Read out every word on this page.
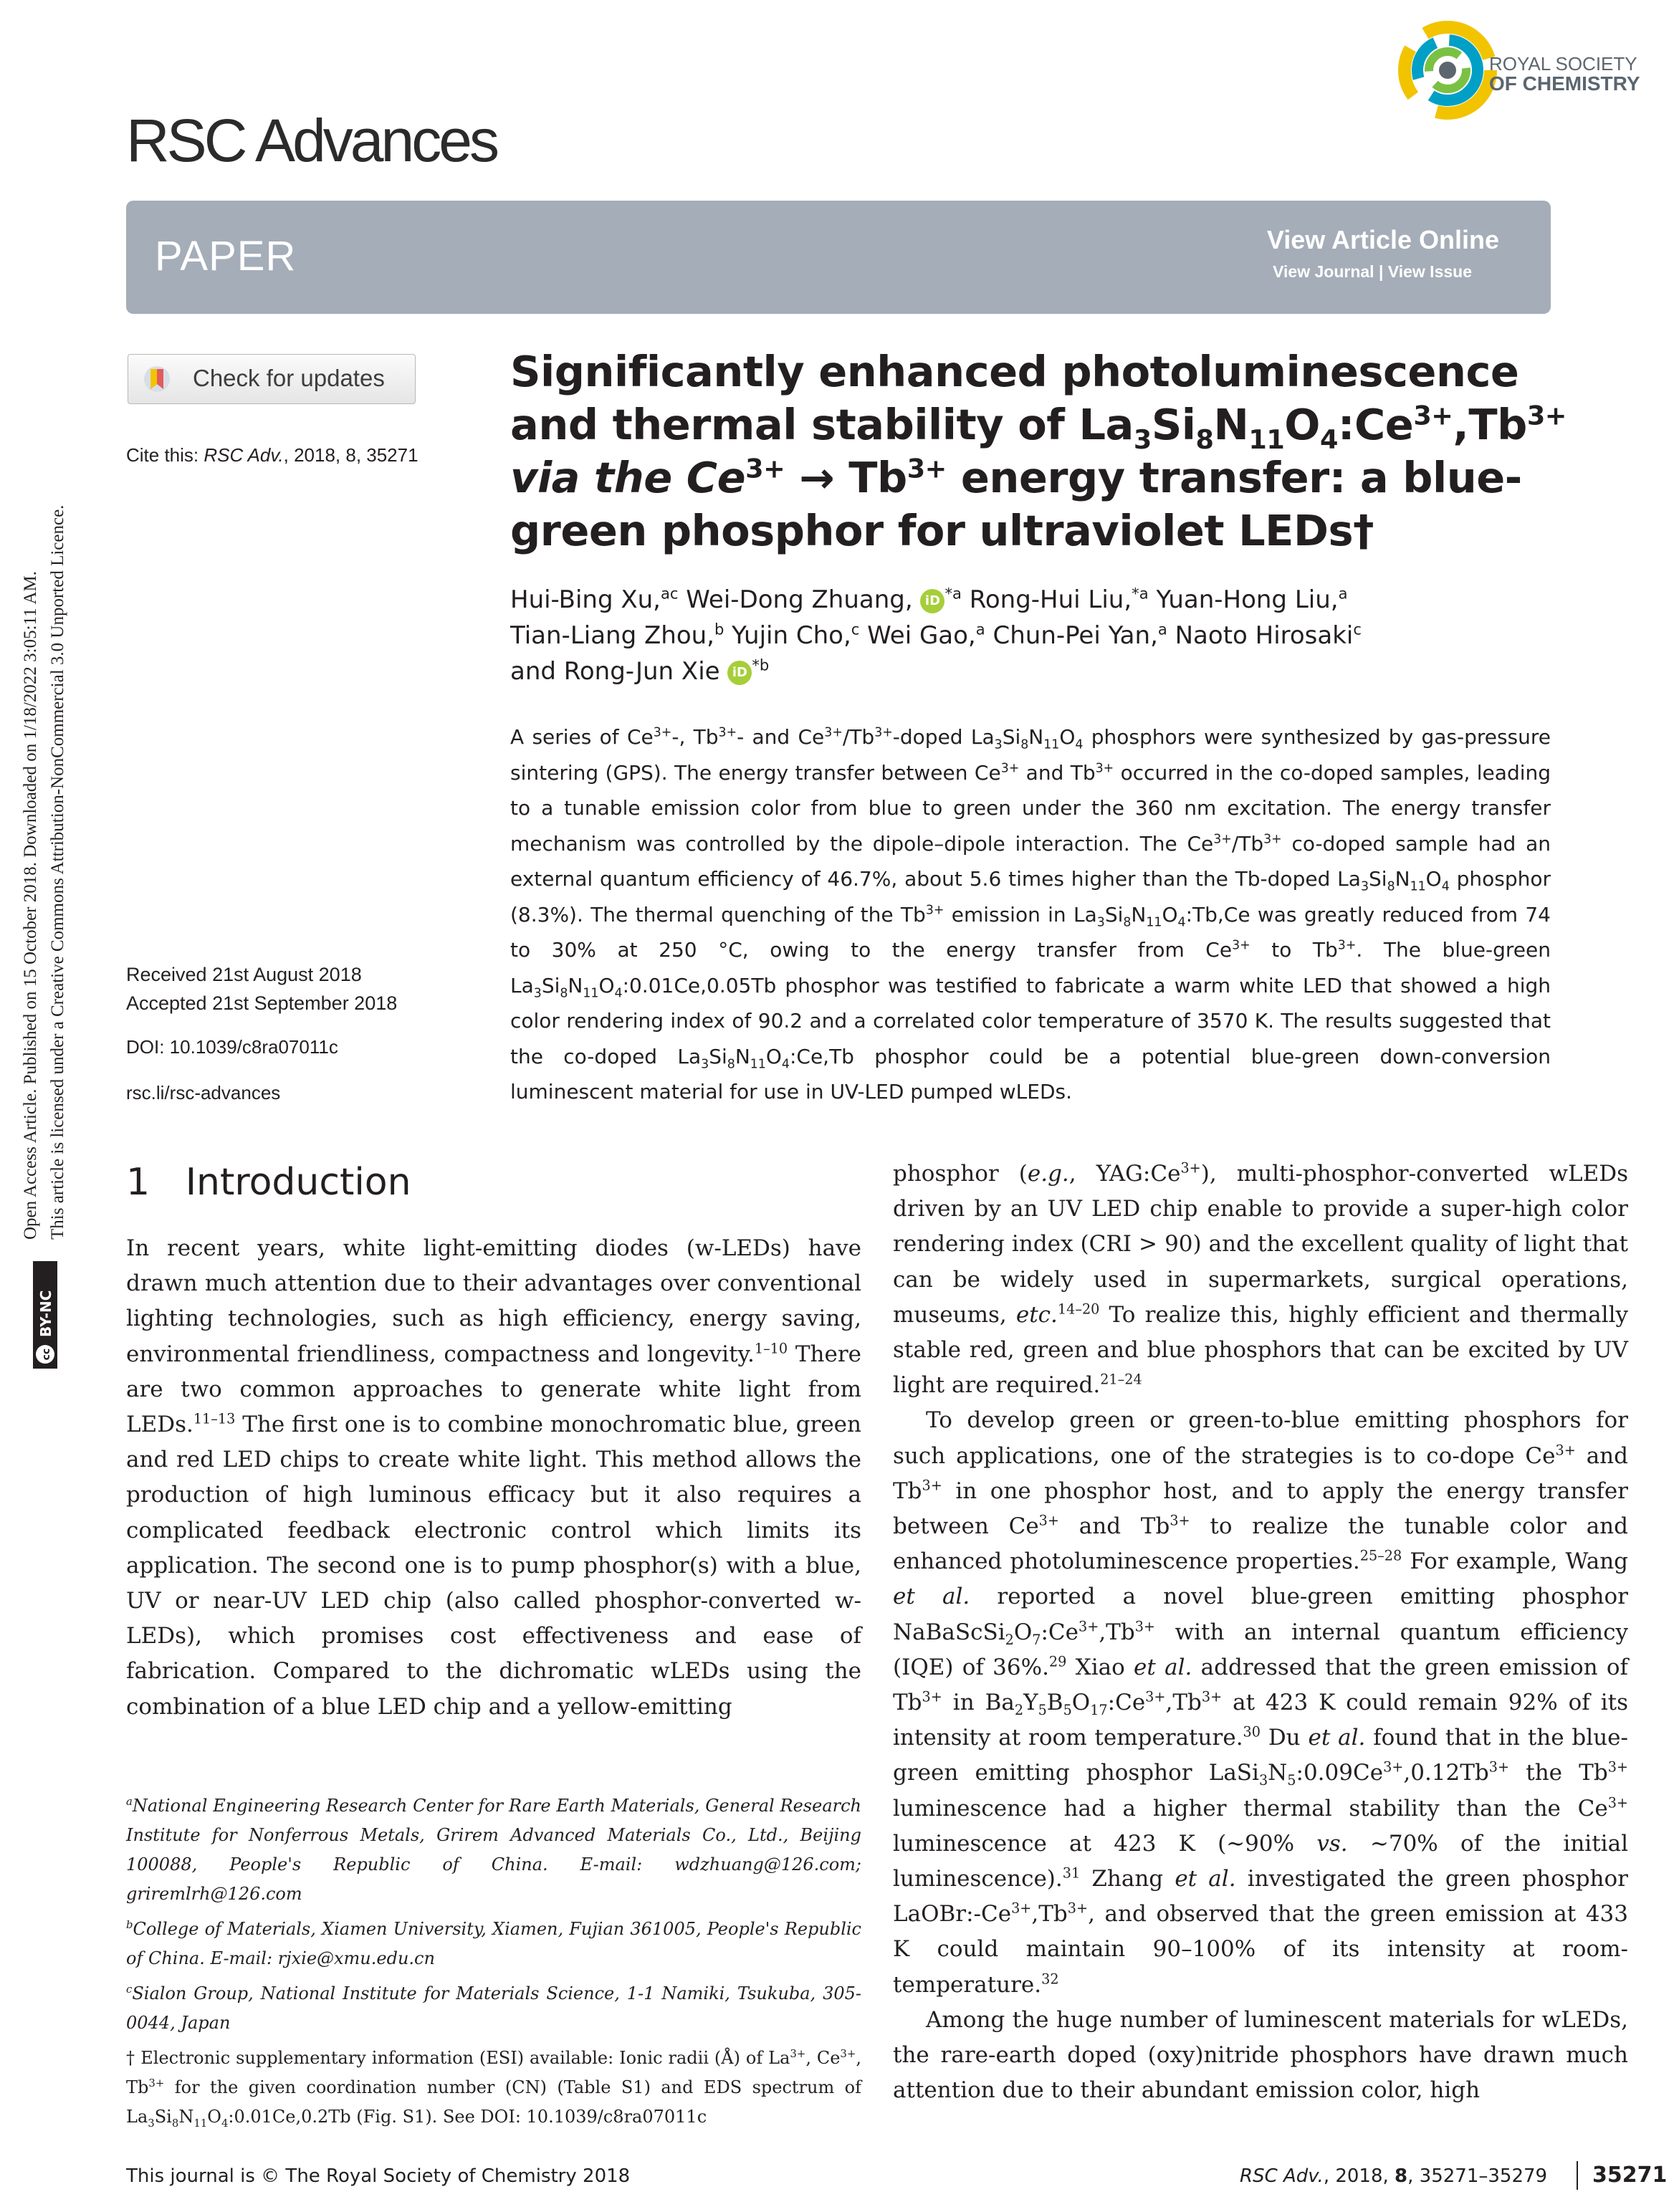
RSC Advances
ROYAL SOCIETY
OF CHEMISTRY
Open Access Article. Published on 15 October 2018. Downloaded on 1/18/2022 3:05:11 AM. This article is licensed under a Creative Commons Attribution-NonCommercial 3.0 Unported Licence.
cc
BY-NC
PAPER	View Article Online
View Journal | View Issue
Check for updates
Cite this: RSC Adv., 2018, 8, 35271
Received 21st August 2018
Accepted 21st September 2018
DOI: 10.1039/c8ra07011c
rsc.li/rsc-advances
Significantly enhanced photoluminescence and thermal stability of $La_3Si_8N_{11}O_4:Ce^{3+},Tb^{3+}$ via the $Ce^{3+} \to Tb^{3+}$ energy transfer: a blue-green phosphor for ultraviolet LEDs†
Hui-Bing Xu,$^{ac}$ Wei-Dong Zhuang, iD $^{*a}$ Rong-Hui Liu,$^{*a}$ Yuan-Hong Liu,$^a$
Tian-Liang Zhou,$^b$ Yujin Cho,$^c$ Wei Gao,$^a$ Chun-Pei Yan,$^a$ Naoto Hirosaki$^c$
and Rong-Jun Xie iD $^{*b}$
A series of $Ce^{3+}-$, $Tb^{3+}-$ and $Ce^{3+}/Tb^{3+}$-doped $La_3Si_8N_{11}O_4$ phosphors were synthesized by gas-pressure sintering (GPS). The energy transfer between $Ce^{3+}$ and $Tb^{3+}$ occurred in the co-doped samples, leading to a tunable emission color from blue to green under the 360 nm excitation. The energy transfer mechanism was controlled by the dipole–dipole interaction. The $Ce^{3+}/Tb^{3+}$ co-doped sample had an external quantum efficiency of 46.7%, about 5.6 times higher than the Tb-doped $La_3Si_8N_{11}O_4$ phosphor (8.3%). The thermal quenching of the $Tb^{3+}$ emission in $La_3Si_8N_{11}O_4:Tb,Ce$ was greatly reduced from 74 to 30% at 250 °C, owing to the energy transfer from $Ce^{3+}$ to $Tb^{3+}$. The blue-green $La_3Si_8N_{11}O_4:0.01Ce,0.05Tb$ phosphor was testified to fabricate a warm white LED that showed a high color rendering index of 90.2 and a correlated color temperature of 3570 K. The results suggested that the co-doped $La_3Si_8N_{11}O_4:Ce,Tb$ phosphor could be a potential blue-green down-conversion luminescent material for use in UV-LED pumped wLEDs.
1 Introduction

In recent years, white light-emitting diodes (w-LEDs) have drawn much attention due to their advantages over conventional lighting technologies, such as high efficiency, energy saving, environmental friendliness, compactness and longevity.$^{1-10}$ There are two common approaches to generate white light from LEDs.$^{11-13}$ The first one is to combine monochromatic blue, green and red LED chips to create white light. This method allows the production of high luminous efficacy but it also requires a complicated feedback electronic control which limits its application. The second one is to pump phosphor(s) with a blue, UV or near-UV LED chip (also called phosphor-converted w-LEDs), which promises cost effectiveness and ease of fabrication. Compared to the dichromatic wLEDs using the combination of a blue LED chip and a yellow-emitting

$^a$National Engineering Research Center for Rare Earth Materials, General Research Institute for Nonferrous Metals, Grirem Advanced Materials Co., Ltd., Beijing 100088, People's Republic of China. E-mail: wdzhuang@126.com; griremlrh@126.com

$^b$College of Materials, Xiamen University, Xiamen, Fujian 361005, People's Republic of China. E-mail: rjxie@xmu.edu.cn

$^c$Sialon Group, National Institute for Materials Science, 1-1 Namiki, Tsukuba, 305-0044, Japan

† Electronic supplementary information (ESI) available: Ionic radii (Å) of $La^{3+}$, $Ce^{3+}$, $Tb^{3+}$ for the given coordination number (CN) (Table S1) and EDS spectrum of $La_3Si_8N_{11}O_4:0.01Ce,0.2Tb$ (Fig. S1). See DOI: 10.1039/c8ra07011c

phosphor (e.g., $YAG:Ce^{3+}$), multi-phosphor-converted wLEDs driven by an UV LED chip enable to provide a super-high color rendering index (CRI > 90) and the excellent quality of light that can be widely used in supermarkets, surgical operations, museums, etc.$^{14-20}$ To realize this, highly efficient and thermally stable red, green and blue phosphors that can be excited by UV light are required.$^{21-24}$

To develop green or green-to-blue emitting phosphors for such applications, one of the strategies is to co-dope $Ce^{3+}$ and $Tb^{3+}$ in one phosphor host, and to apply the energy transfer between $Ce^{3+}$ and $Tb^{3+}$ to realize the tunable color and enhanced photoluminescence properties.$^{25-28}$ For example, Wang et al. reported a novel blue-green emitting phosphor $NaBaScSi_2O_7:Ce^{3+},Tb^{3+}$ with an internal quantum efficiency (IQE) of 36%.$^{29}$ Xiao et al. addressed that the green emission of $Tb^{3+}$ in $Ba_2Y_5B_5O_{17}:Ce^{3+},Tb^{3+}$ at 423 K could remain 92% of its intensity at room temperature.$^{30}$ Du et al. found that in the blue-green emitting phosphor $LaSi_3N_5:0.09Ce^{3+},0.12Tb^{3+}$ the $Tb^{3+}$ luminescence had a higher thermal stability than the $Ce^{3+}$ luminescence at 423 K (∼90% vs. ∼70% of the initial luminescence).$^{31}$ Zhang et al. investigated the green phosphor $LaOBr:-Ce^{3+},Tb^{3+}$, and observed that the green emission at 433 K could maintain 90–100% of its intensity at room-temperature.$^{32}$

Among the huge number of luminescent materials for wLEDs, the rare-earth doped (oxy)nitride phosphors have drawn much attention due to their abundant emission color, high

This journal is © The Royal Society of Chemistry 2018	RSC Adv., 2018, 8, 35271–35279 35271
